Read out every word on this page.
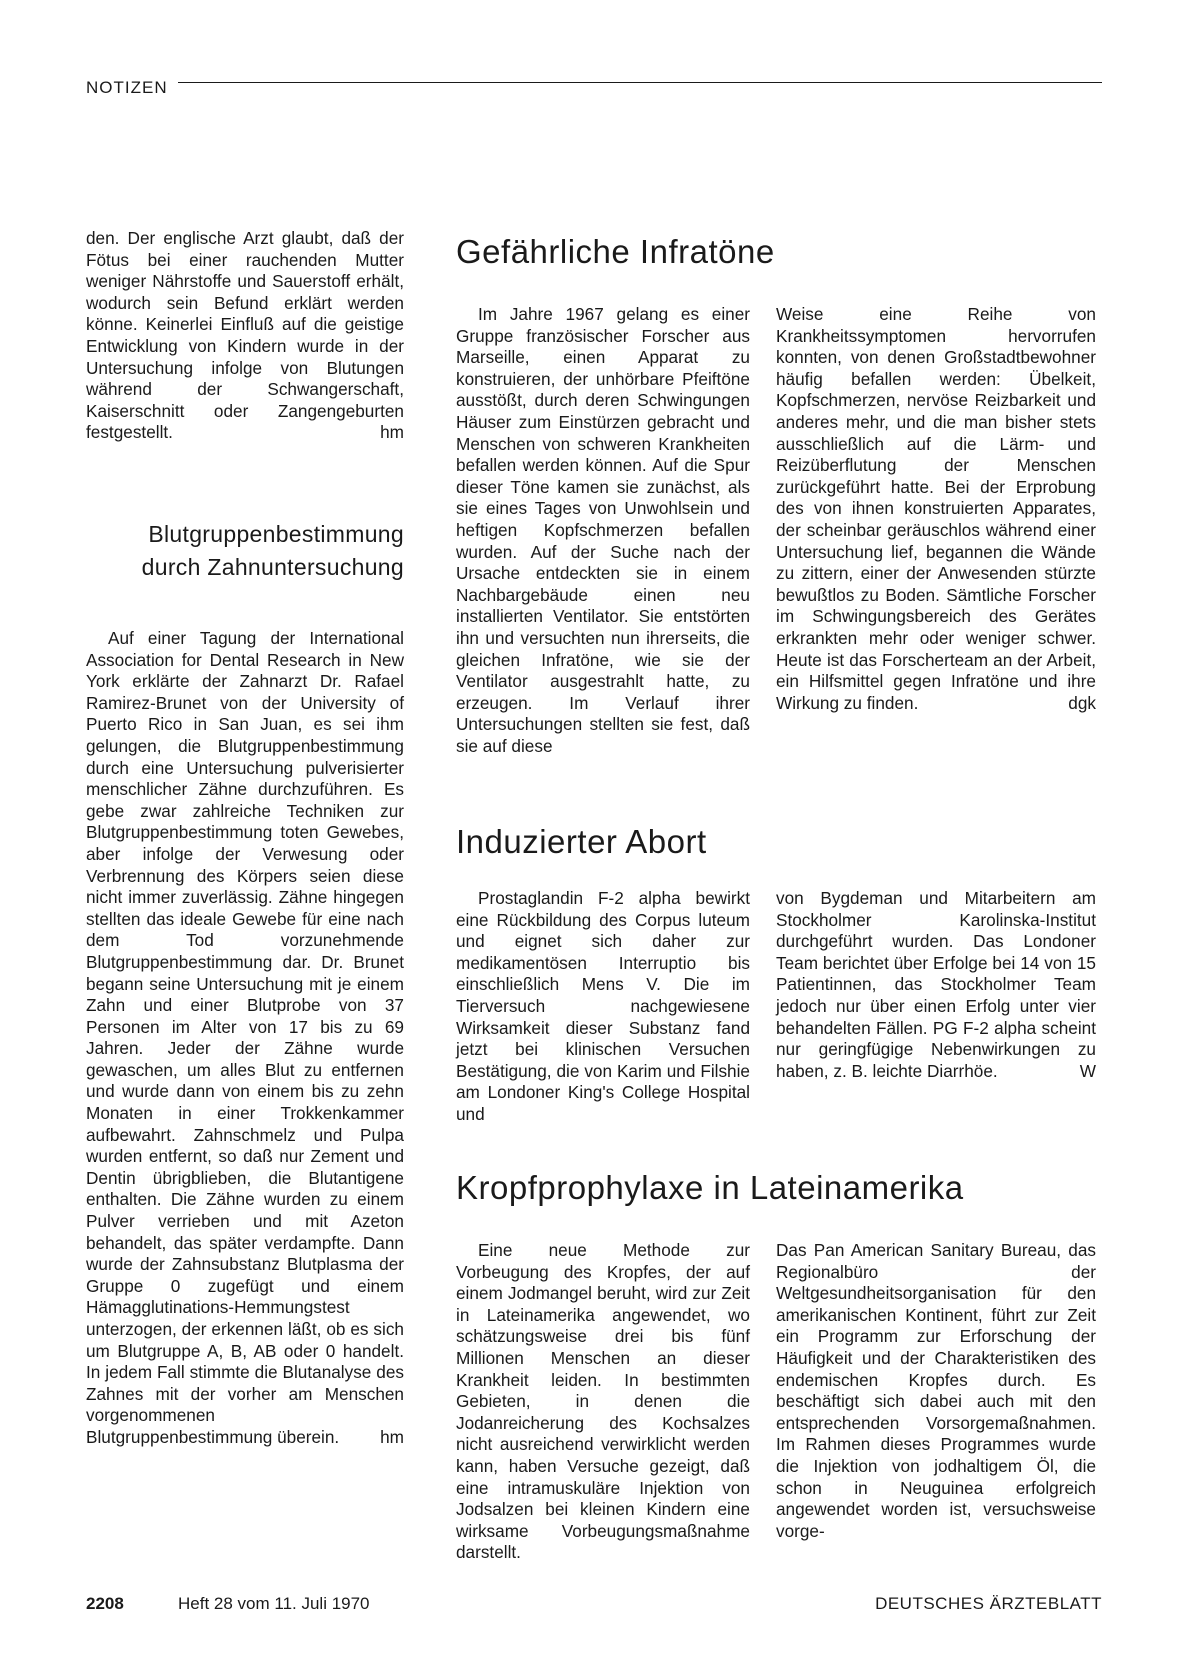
NOTIZEN

den. Der englische Arzt glaubt, daß der Fötus bei einer rauchenden Mutter weniger Nährstoffe und Sauerstoff erhält, wodurch sein Befund erklärt werden könne. Keinerlei Einfluß auf die geistige Entwicklung von Kindern wurde in der Untersuchung infolge von Blutungen während der Schwangerschaft, Kaiserschnitt oder Zangengeburten festgestellt.	hm
Blutgruppenbestimmung
durch Zahnuntersuchung

Auf einer Tagung der International Association for Dental Research in New York erklärte der Zahnarzt Dr. Rafael Ramirez-Brunet von der University of Puerto Rico in San Juan, es sei ihm gelungen, die Blutgruppenbestimmung durch eine Untersuchung pulverisierter menschlicher Zähne durchzuführen. Es gebe zwar zahlreiche Techniken zur Blutgruppenbestimmung toten Gewebes, aber infolge der Verwesung oder Verbrennung des Körpers seien diese nicht immer zuverlässig. Zähne hingegen stellten das ideale Gewebe für eine nach dem Tod vorzunehmende Blutgruppenbestimmung dar. Dr. Brunet begann seine Untersuchung mit je einem Zahn und einer Blutprobe von 37 Personen im Alter von 17 bis zu 69 Jahren. Jeder der Zähne wurde gewaschen, um alles Blut zu entfernen und wurde dann von einem bis zu zehn Monaten in einer Trokkenkammer aufbewahrt. Zahnschmelz und Pulpa wurden entfernt, so daß nur Zement und Dentin übrigblieben, die Blutantigene enthalten. Die Zähne wurden zu einem Pulver verrieben und mit Azeton behandelt, das später verdampfte. Dann wurde der Zahnsubstanz Blutplasma der Gruppe 0 zugefügt und einem Hämagglutinations-Hemmungstest unterzogen, der erkennen läßt, ob es sich um Blutgruppe A, B, AB oder 0 handelt. In jedem Fall stimmte die Blutanalyse des Zahnes mit der vorher am Menschen vorgenommenen Blutgruppenbestimmung überein.	hm
Gefährliche Infratöne

Im Jahre 1967 gelang es einer Gruppe französischer Forscher aus Marseille, einen Apparat zu konstruieren, der unhörbare Pfeiftöne ausstößt, durch deren Schwingungen Häuser zum Einstürzen gebracht und Menschen von schweren Krankheiten befallen werden können. Auf die Spur dieser Töne kamen sie zunächst, als sie eines Tages von Unwohlsein und heftigen Kopfschmerzen befallen wurden. Auf der Suche nach der Ursache entdeckten sie in einem Nachbargebäude einen neu installierten Ventilator. Sie entstörten ihn und versuchten nun ihrerseits, die gleichen Infratöne, wie sie der Ventilator ausgestrahlt hatte, zu erzeugen. Im Verlauf ihrer Untersuchungen stellten sie fest, daß sie auf diese

Weise eine Reihe von Krankheitssymptomen hervorrufen konnten, von denen Großstadtbewohner häufig befallen werden: Übelkeit, Kopfschmerzen, nervöse Reizbarkeit und anderes mehr, und die man bisher stets ausschließlich auf die Lärm- und Reizüberflutung der Menschen zurückgeführt hatte. Bei der Erprobung des von ihnen konstruierten Apparates, der scheinbar geräuschlos während einer Untersuchung lief, begannen die Wände zu zittern, einer der Anwesenden stürzte bewußtlos zu Boden. Sämtliche Forscher im Schwingungsbereich des Gerätes erkrankten mehr oder weniger schwer. Heute ist das Forscherteam an der Arbeit, ein Hilfsmittel gegen Infratöne und ihre Wirkung zu finden.	dgk
Induzierter Abort

Prostaglandin F-2 alpha bewirkt eine Rückbildung des Corpus luteum und eignet sich daher zur medikamentösen Interruptio bis einschließlich Mens V. Die im Tierversuch nachgewiesene Wirksamkeit dieser Substanz fand jetzt bei klinischen Versuchen Bestätigung, die von Karim und Filshie am Londoner King's College Hospital und

von Bygdeman und Mitarbeitern am Stockholmer Karolinska-Institut durchgeführt wurden. Das Londoner Team berichtet über Erfolge bei 14 von 15 Patientinnen, das Stockholmer Team jedoch nur über einen Erfolg unter vier behandelten Fällen. PG F-2 alpha scheint nur geringfügige Nebenwirkungen zu haben, z. B. leichte Diarrhöe.	W
Kropfprophylaxe in Lateinamerika

Eine neue Methode zur Vorbeugung des Kropfes, der auf einem Jodmangel beruht, wird zur Zeit in Lateinamerika angewendet, wo schätzungsweise drei bis fünf Millionen Menschen an dieser Krankheit leiden. In bestimmten Gebieten, in denen die Jodanreicherung des Kochsalzes nicht ausreichend verwirklicht werden kann, haben Versuche gezeigt, daß eine intramuskuläre Injektion von Jodsalzen bei kleinen Kindern eine wirksame Vorbeugungsmaßnahme darstellt.

Das Pan American Sanitary Bureau, das Regionalbüro der Weltgesundheitsorganisation für den amerikanischen Kontinent, führt zur Zeit ein Programm zur Erforschung der Häufigkeit und der Charakteristiken des endemischen Kropfes durch. Es beschäftigt sich dabei auch mit den entsprechenden Vorsorgemaßnahmen. Im Rahmen dieses Programmes wurde die Injektion von jodhaltigem Öl, die schon in Neuguinea erfolgreich angewendet worden ist, versuchsweise vorge-

2208	Heft 28 vom 11. Juli 1970	DEUTSCHES ÄRZTEBLATT
